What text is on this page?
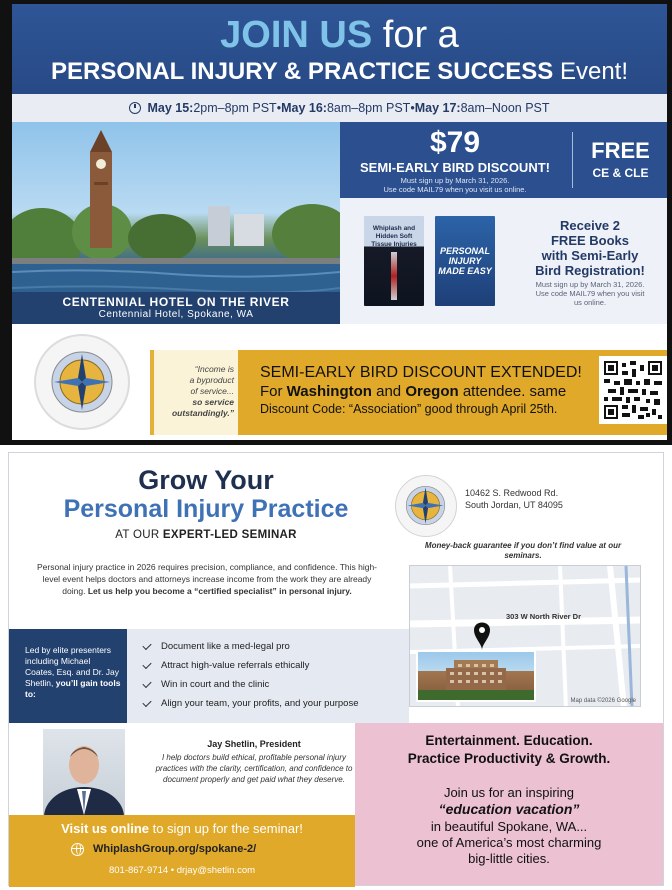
JOIN US for a
PERSONAL INJURY & PRACTICE SUCCESS Event!
May 15: 2pm–8pm PST • May 16: 8am–8pm PST • May 17: 8am–Noon PST
CENTENNIAL HOTEL ON THE RIVER
Centennial Hotel, Spokane, WA
$79
SEMI-EARLY BIRD DISCOUNT!
Must sign up by March 31, 2026.
Use code MAIL79 when you visit us online.
FREE
CE & CLE
Whiplash and Hidden Soft Tissue Injuries
PERSONAL INJURY MADE EASY
Receive 2
FREE Books
with Semi-Early
Bird Registration!
Must sign up by March 31, 2026.
Use code MAIL79 when you visit
us online.
“Income is
a byproduct
of service...
so service
outstandingly.”
SEMI-EARLY BIRD DISCOUNT EXTENDED!
For Washington and Oregon attendee. same
Discount Code: “Association” good through April 25th.
Grow Your
Personal Injury Practice
AT OUR EXPERT-LED SEMINAR
Personal injury practice in 2026 requires precision, compliance, and confidence. This high-level event helps doctors and attorneys increase income from the work they are already doing. Let us help you become a “certified specialist” in personal injury.
10462 S. Redwood Rd.
South Jordan, UT 84095
Money-back guarantee if you don’t find value at our seminars.
303 W North River Dr
Map data ©2026 Google
Led by elite presenters including Michael Coates, Esq. and Dr. Jay Shetlin, you’ll gain tools to:
Document like a med-legal pro
Attract high-value referrals ethically
Win in court and the clinic
Align your team, your profits, and your purpose
Jay Shetlin, President
I help doctors build ethical, profitable personal injury practices with the clarity, certification, and confidence to document properly and get paid what they deserve.
Visit us online to sign up for the seminar!
WhiplashGroup.org/spokane-2/
801-867-9714 • drjay@shetlin.com
Entertainment. Education.
Practice Productivity & Growth.
Join us for an inspiring
“education vacation”
in beautiful Spokane, WA...
one of America’s most charming
big-little cities.
